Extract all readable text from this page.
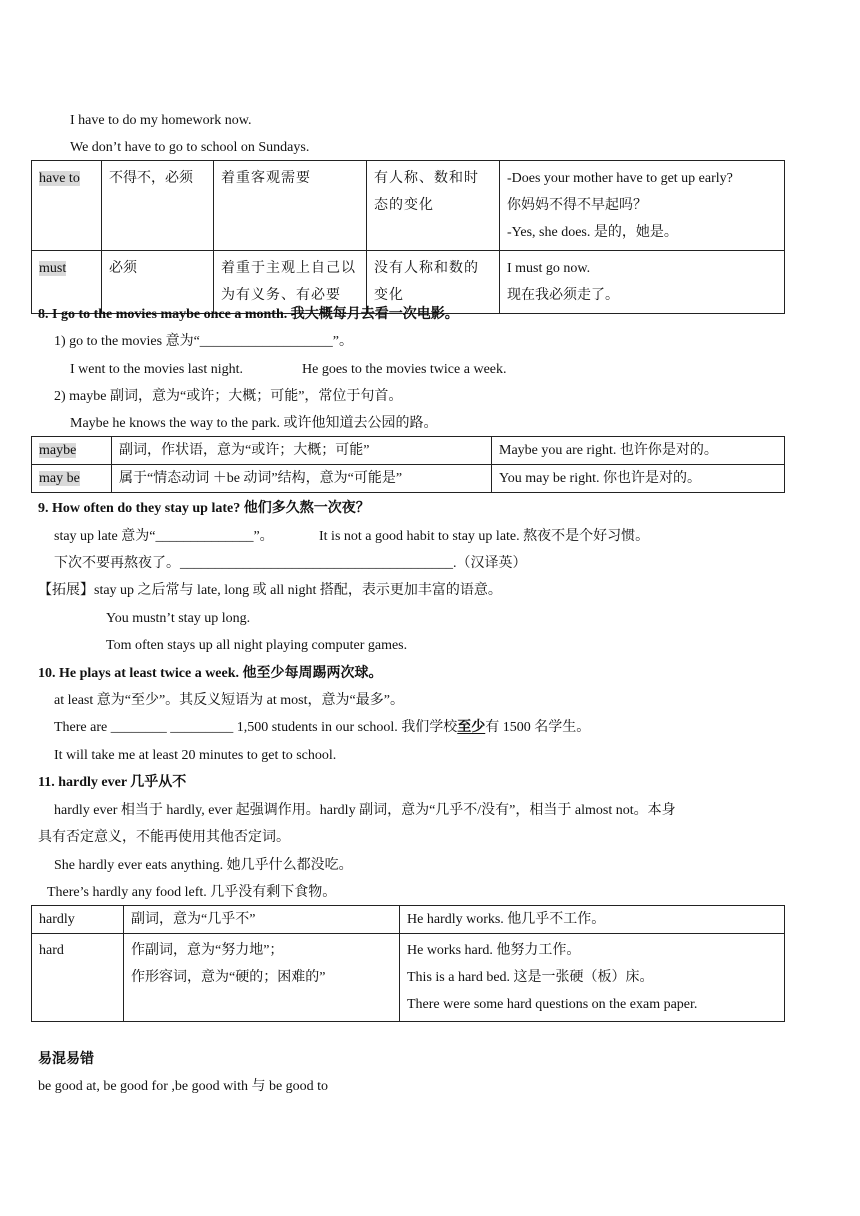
I have to do my homework now.
We don’t have to go to school on Sundays.
have to	不得不，必须	着重客观需要	有人称、数和时态的变化	-Does your mother have to get up early?
你妈妈不得不早起吗？
-Yes, she does. 是的，她是。

must	必须	着重于主观上自己以为有义务、有必要	没有人称和数的变化	I must go now.
现在我必须走了。
8. I go to the movies maybe once a month. 我大概每月去看一次电影。
1) go to the movies 意为“___________________”。
I went to the movies last night.	He goes to the movies twice a week.
2) maybe 副词，意为“或许；大概；可能”，常位于句首。
Maybe he knows the way to the park. 或许他知道去公园的路。
maybe	副词，作状语，意为“或许；大概；可能”	Maybe you are right. 也许你是对的。
may be	属于“情态动词 ＋be 动词”结构，意为“可能是”	You may be right. 你也许是对的。
9. How often do they stay up late? 他们多久熬一次夜？
stay up late 意为“______________”。	It is not a good habit to stay up late. 熬夜不是个好习惯。
下次不要再熬夜了。_______________________________________.（汉译英）
【拓展】stay up 之后常与 late, long 或 all night 搭配，表示更加丰富的语意。
You mustn’t stay up long.
Tom often stays up all night playing computer games.
10. He plays at least twice a week. 他至少每周踢两次球。
at least 意为“至少”。其反义短语为 at most，意为“最多”。
There are ________ _________ 1,500 students in our school. 我们学校至少有 1500 名学生。
It will take me at least 20 minutes to get to school.
11. hardly ever 几乎从不
hardly ever 相当于 hardly, ever 起强调作用。hardly 副词，意为“几乎不/没有”，相当于 almost not。本身
具有否定意义，不能再使用其他否定词。
She hardly ever eats anything. 她几乎什么都没吃。
There’s hardly any food left. 几乎没有剩下食物。
hardly	副词，意为“几乎不”	He hardly works. 他几乎不工作。

hard	作副词，意为“努力地”；
作形容词，意为“硬的；困难的”	He works hard. 他努力工作。
This is a hard bed. 这是一张硬（板）床。
There were some hard questions on the exam paper.
易混易错
be good at, be good for ,be good with 与 be good to
